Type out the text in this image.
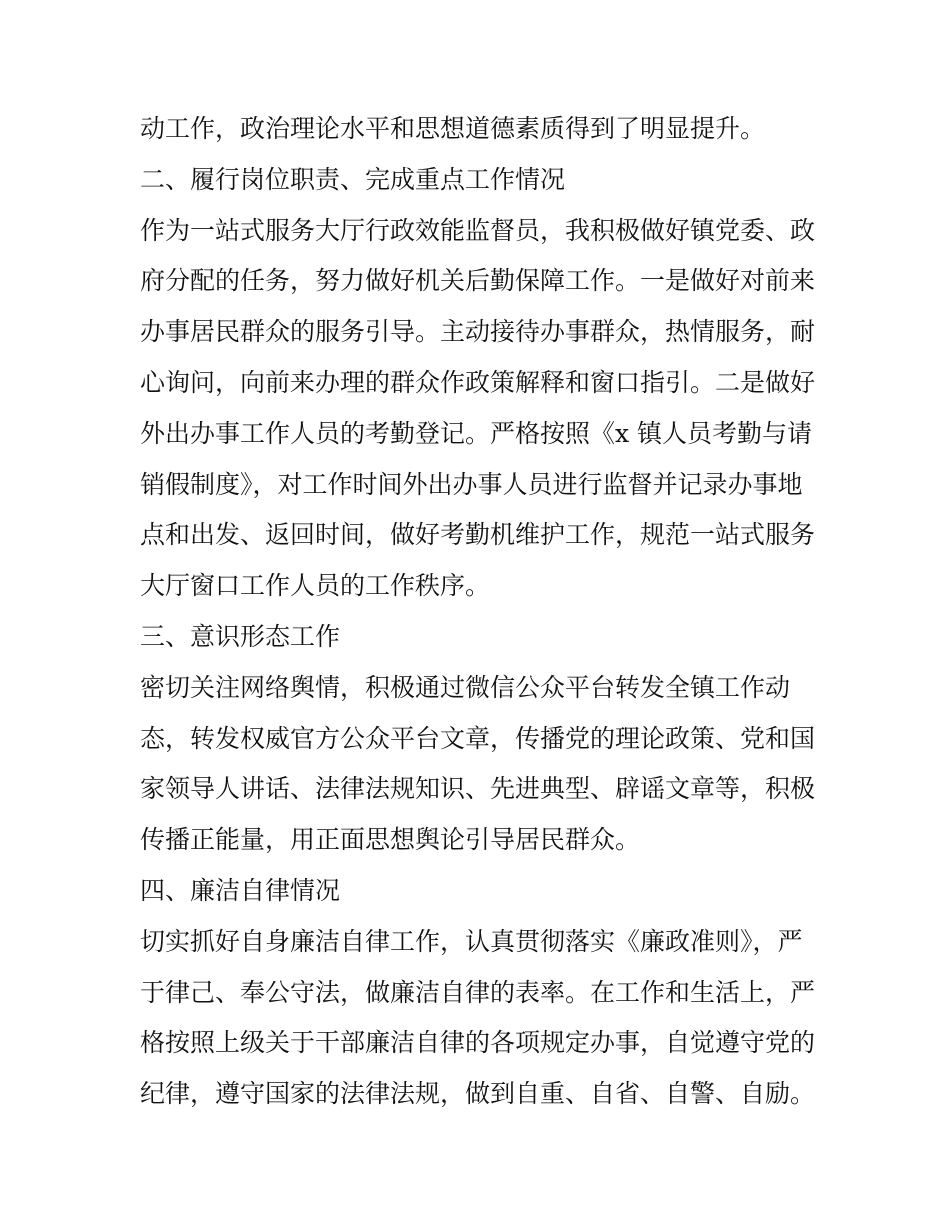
动工作，政治理论水平和思想道德素质得到了明显提升。

二、履行岗位职责、完成重点工作情况

作为一站式服务大厅行政效能监督员，我积极做好镇党委、政

府分配的任务，努力做好机关后勤保障工作。一是做好对前来

办事居民群众的服务引导。主动接待办事群众，热情服务，耐

心询问，向前来办理的群众作政策解释和窗口指引。二是做好

外出办事工作人员的考勤登记。严格按照《x 镇人员考勤与请

销假制度》，对工作时间外出办事人员进行监督并记录办事地

点和出发、返回时间，做好考勤机维护工作，规范一站式服务

大厅窗口工作人员的工作秩序。

三、意识形态工作

密切关注网络舆情，积极通过微信公众平台转发全镇工作动

态，转发权威官方公众平台文章，传播党的理论政策、党和国

家领导人讲话、法律法规知识、先进典型、辟谣文章等，积极

传播正能量，用正面思想舆论引导居民群众。

四、廉洁自律情况

切实抓好自身廉洁自律工作，认真贯彻落实《廉政准则》，严

于律己、奉公守法，做廉洁自律的表率。在工作和生活上，严

格按照上级关于干部廉洁自律的各项规定办事，自觉遵守党的

纪律，遵守国家的法律法规，做到自重、自省、自警、自励。
